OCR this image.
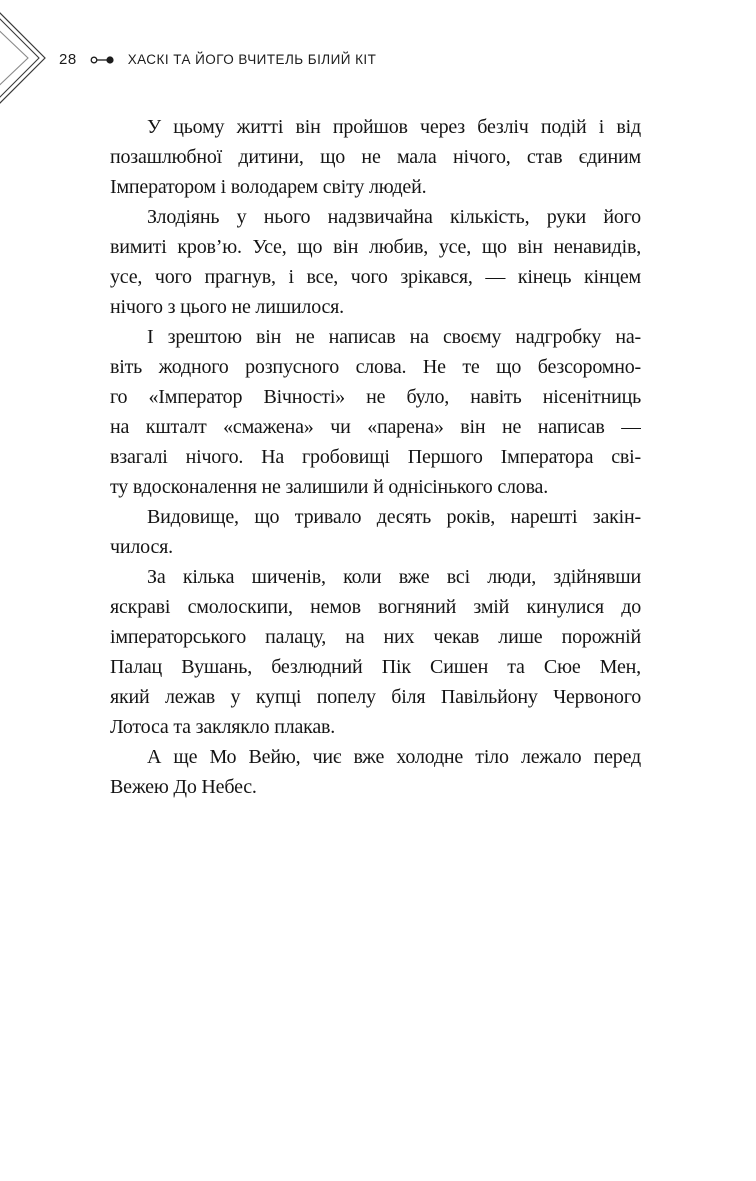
28	ХАСКІ ТА ЙОГО ВЧИТЕЛЬ БІЛИЙ КІТ
У цьому житті він пройшов через безліч подій і від
позашлюбної дитини, що не мала нічого, став єдиним
Імператором і володарем світу людей.
Злодіянь у нього надзвичайна кількість, руки його
вимиті кров’ю. Усе, що він любив, усе, що він ненавидів,
усе, чого прагнув, і все, чого зрікався, — кінець кінцем
нічого з цього не лишилося.
І зрештою він не написав на своєму надгробку на-
віть жодного розпусного слова. Не те що безсоромно-
го «Імператор Вічності» не було, навіть нісенітниць
на кшталт «смажена» чи «парена» він не написав —
взагалі нічого. На гробовищі Першого Імператора сві-
ту вдосконалення не залишили й однісінького слова.
Видовище, що тривало десять років, нарешті закін-
чилося.
За кілька шиченів, коли вже всі люди, здійнявши
яскраві смолоскипи, немов вогняний змій кинулися до
імператорського палацу, на них чекав лише порожній
Палац Вушань, безлюдний Пік Сишен та Сюе Мен,
який лежав у купці попелу біля Павільйону Червоного
Лотоса та заклякло плакав.
А ще Мо Вейю, чиє вже холодне тіло лежало перед
Вежею До Небес.
